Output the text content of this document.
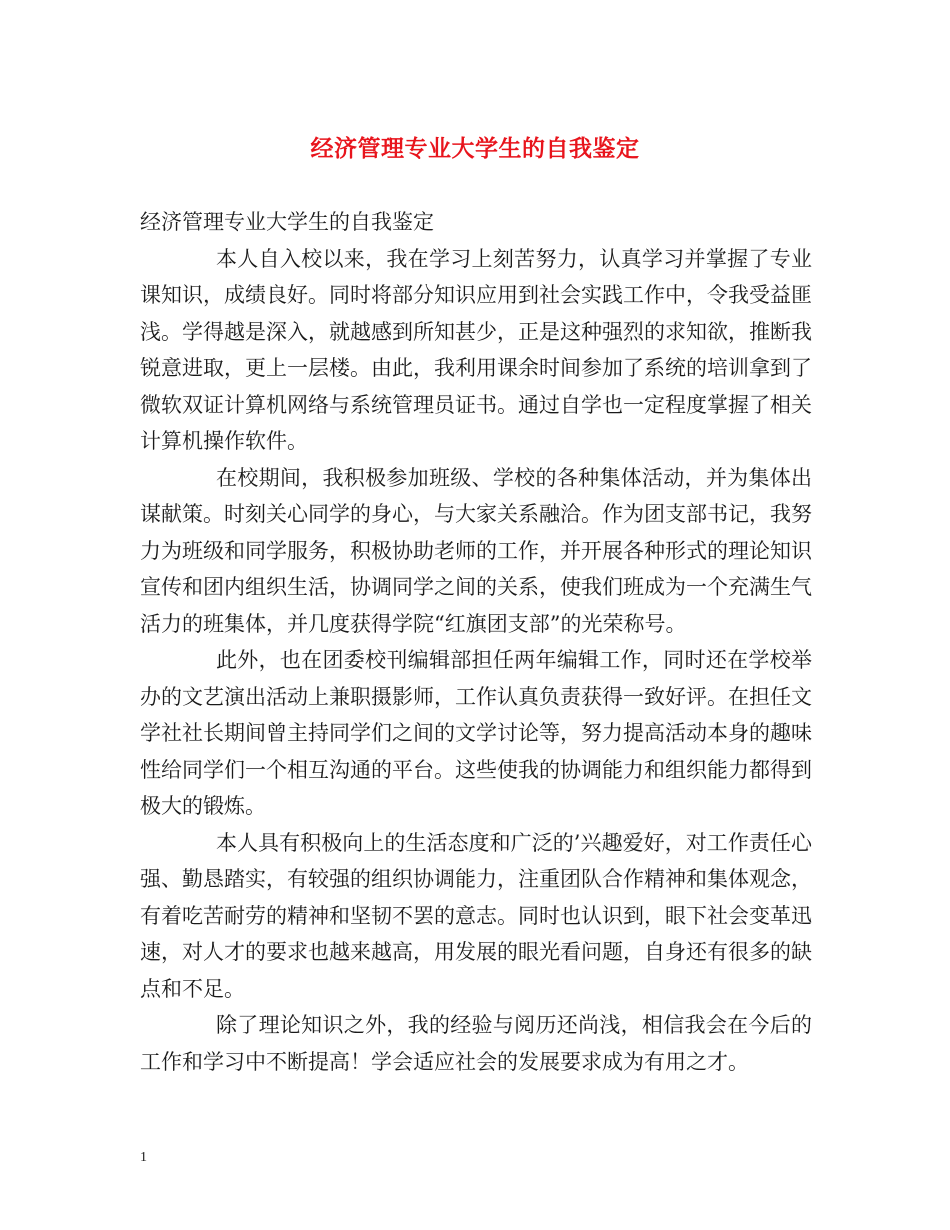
经济管理专业大学生的自我鉴定

经济管理专业大学生的自我鉴定

本人自入校以来，我在学习上刻苦努力，认真学习并掌握了专业课知识，成绩良好。同时将部分知识应用到社会实践工作中，令我受益匪浅。学得越是深入，就越感到所知甚少，正是这种强烈的求知欲，推断我锐意进取，更上一层楼。由此，我利用课余时间参加了系统的培训拿到了微软双证计算机网络与系统管理员证书。通过自学也一定程度掌握了相关计算机操作软件。

在校期间，我积极参加班级、学校的各种集体活动，并为集体出谋献策。时刻关心同学的身心，与大家关系融洽。作为团支部书记，我努力为班级和同学服务，积极协助老师的工作，并开展各种形式的理论知识宣传和团内组织生活，协调同学之间的关系，使我们班成为一个充满生气活力的班集体，并几度获得学院“红旗团支部”的光荣称号。

此外，也在团委校刊编辑部担任两年编辑工作，同时还在学校举办的文艺演出活动上兼职摄影师，工作认真负责获得一致好评。在担任文学社社长期间曾主持同学们之间的文学讨论等，努力提高活动本身的趣味性给同学们一个相互沟通的平台。这些使我的协调能力和组织能力都得到极大的锻炼。

本人具有积极向上的生活态度和广泛的’兴趣爱好，对工作责任心强、勤恳踏实，有较强的组织协调能力，注重团队合作精神和集体观念，有着吃苦耐劳的精神和坚韧不罢的意志。同时也认识到，眼下社会变革迅速，对人才的要求也越来越高，用发展的眼光看问题，自身还有很多的缺点和不足。

除了理论知识之外，我的经验与阅历还尚浅，相信我会在今后的工作和学习中不断提高！学会适应社会的发展要求成为有用之才。

1
